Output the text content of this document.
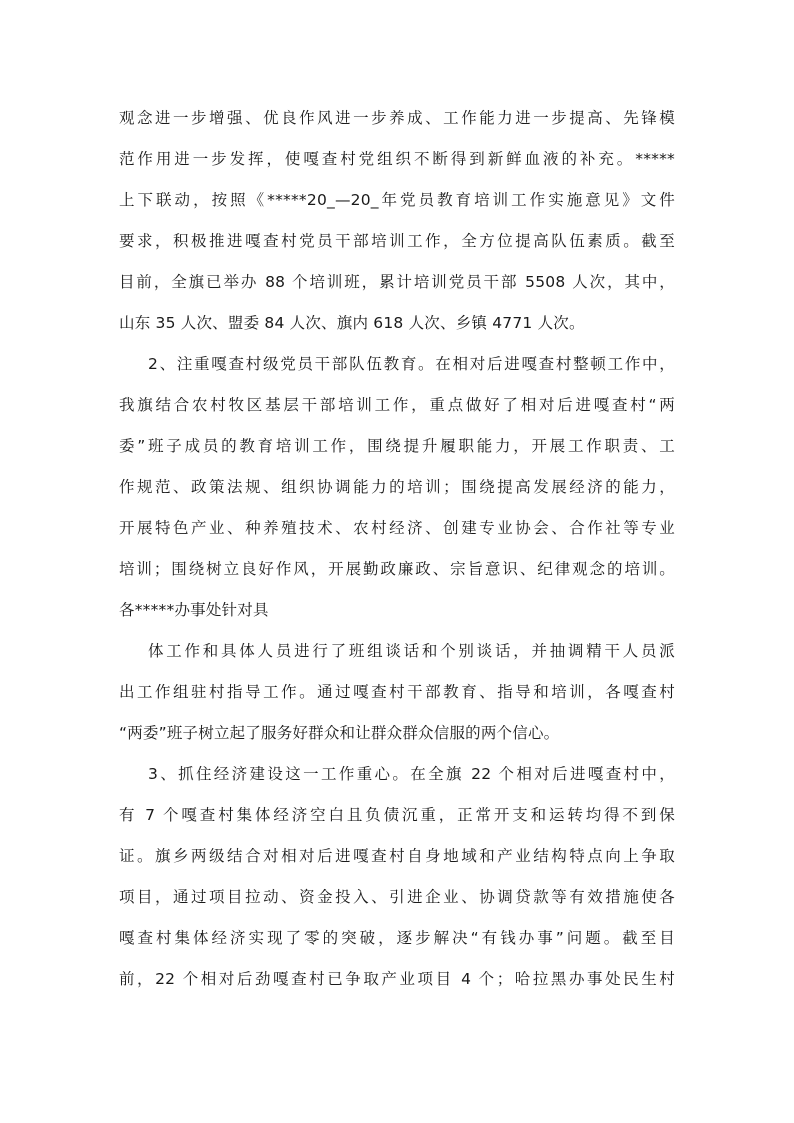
观念进一步增强、优良作风进一步养成、工作能力进一步提高、先锋模
范作用进一步发挥，使嘎查村党组织不断得到新鲜血液的补充。*****
上下联动，按照《*****20_—20_年党员教育培训工作实施意见》文件
要求，积极推进嘎查村党员干部培训工作，全方位提高队伍素质。截至
目前，全旗已举办 88 个培训班，累计培训党员干部 5508 人次，其中，
山东 35 人次、盟委 84 人次、旗内 618 人次、乡镇 4771 人次。
2、注重嘎查村级党员干部队伍教育。在相对后进嘎查村整顿工作中，
我旗结合农村牧区基层干部培训工作，重点做好了相对后进嘎查村“两
委”班子成员的教育培训工作，围绕提升履职能力，开展工作职责、工
作规范、政策法规、组织协调能力的培训；围绕提高发展经济的能力，
开展特色产业、种养殖技术、农村经济、创建专业协会、合作社等专业
培训；围绕树立良好作风，开展勤政廉政、宗旨意识、纪律观念的培训。
各*****办事处针对具
体工作和具体人员进行了班组谈话和个别谈话，并抽调精干人员派
出工作组驻村指导工作。通过嘎查村干部教育、指导和培训，各嘎查村
“两委”班子树立起了服务好群众和让群众群众信服的两个信心。
3、抓住经济建设这一工作重心。在全旗 22 个相对后进嘎查村中，
有 7 个嘎查村集体经济空白且负债沉重，正常开支和运转均得不到保
证。旗乡两级结合对相对后进嘎查村自身地域和产业结构特点向上争取
项目，通过项目拉动、资金投入、引进企业、协调贷款等有效措施使各
嘎查村集体经济实现了零的突破，逐步解决“有钱办事”问题。截至目
前，22 个相对后劲嘎查村已争取产业项目 4 个；哈拉黑办事处民生村
